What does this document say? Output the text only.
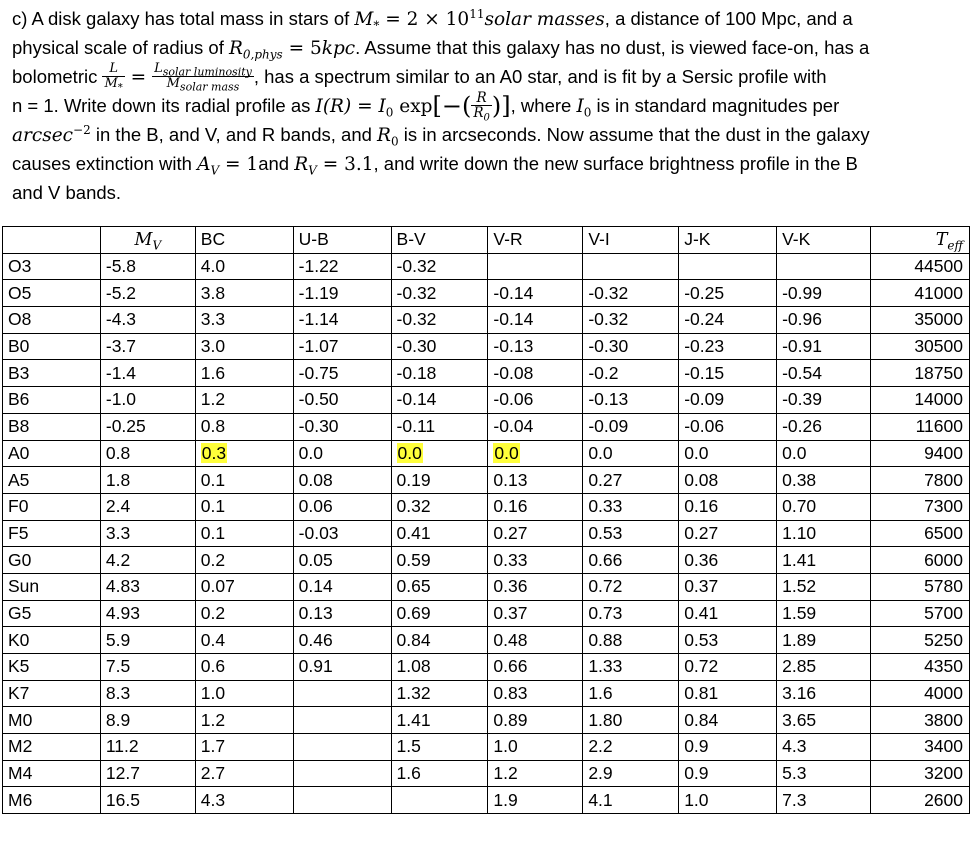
c) A disk galaxy has total mass in stars of $M_* = 2$ × $10^{11}solar$ masses, a distance of 100 Mpc, and a
physical scale of radius of $R_{0,phys} = 5kpc$. Assume that this galaxy has no dust, is viewed face-on, has a
bolometric $\frac{L}{M_*} = \frac{L_{solar luminosity}}{M_{solar mass}}$ , has a spectrum similar to an A0 star, and is fit by a Sersic profile with
n = 1. Write down its radial profile as $I(R) = I_0$ $\exp[-( \frac{R}{R_0}$ )], where $I_0$ is in standard magnitudes per
arcsec$^{-2}$ in the B, and V, and R bands, and $R_0$ is in arcseconds. Now assume that the dust in the galaxy
causes extinction with $A_V = 1and$ $R_V = 3.1$, and write down the new surface brightness profile in the B
and V bands.
	$M_V$	BC	U-B	B-V	V-R	V-I	J-K	V-K	$T_{eff}$
O3	-5.8	4.0	-1.22	-0.32					44500
O5	-5.2	3.8	-1.19	-0.32	-0.14	-0.32	-0.25	-0.99	41000
O8	-4.3	3.3	-1.14	-0.32	-0.14	-0.32	-0.24	-0.96	35000
B0	-3.7	3.0	-1.07	-0.30	-0.13	-0.30	-0.23	-0.91	30500
B3	-1.4	1.6	-0.75	-0.18	-0.08	-0.2	-0.15	-0.54	18750
B6	-1.0	1.2	-0.50	-0.14	-0.06	-0.13	-0.09	-0.39	14000
B8	-0.25	0.8	-0.30	-0.11	-0.04	-0.09	-0.06	-0.26	11600
A0	0.8	0.3	0.0	0.0	0.0	0.0	0.0	0.0	9400
A5	1.8	0.1	0.08	0.19	0.13	0.27	0.08	0.38	7800
F0	2.4	0.1	0.06	0.32	0.16	0.33	0.16	0.70	7300
F5	3.3	0.1	-0.03	0.41	0.27	0.53	0.27	1.10	6500
G0	4.2	0.2	0.05	0.59	0.33	0.66	0.36	1.41	6000
Sun	4.83	0.07	0.14	0.65	0.36	0.72	0.37	1.52	5780
G5	4.93	0.2	0.13	0.69	0.37	0.73	0.41	1.59	5700
K0	5.9	0.4	0.46	0.84	0.48	0.88	0.53	1.89	5250
K5	7.5	0.6	0.91	1.08	0.66	1.33	0.72	2.85	4350
K7	8.3	1.0		1.32	0.83	1.6	0.81	3.16	4000
M0	8.9	1.2		1.41	0.89	1.80	0.84	3.65	3800
M2	11.2	1.7		1.5	1.0	2.2	0.9	4.3	3400
M4	12.7	2.7		1.6	1.2	2.9	0.9	5.3	3200
M6	16.5	4.3			1.9	4.1	1.0	7.3	2600
